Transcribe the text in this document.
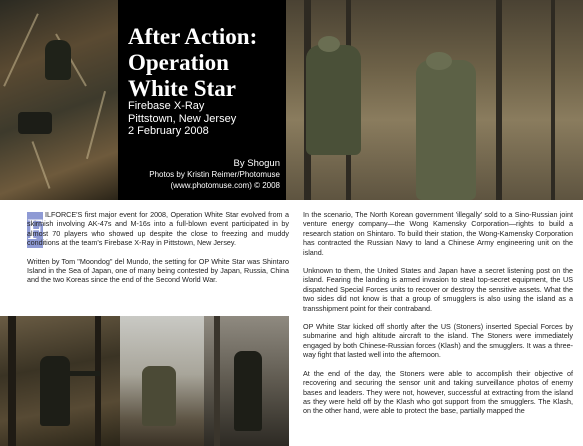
After Action: Operation White Star
Firebase X-Ray
Pittstown, New Jersey
2 February 2008
By Shogun
Photos by Kristin Reimer/Photomuse
(www.photomuse.com) © 2008
F ILFORCE'S first major event for 2008, Operation White Star evolved from a skirmish involving AK-47s and M-16s into a full-blown event participated in by almost 70 players who showed up despite the close to freezing and muddy conditions at the team's Firebase X-Ray in Pittstown, New Jersey.

Written by Tom "Moondog" del Mundo, the setting for OP White Star was Shintaro Island in the Sea of Japan, one of many being contested by Japan, Russia, China and the two Koreas since the end of the Second World War.

In the scenario, The North Korean government 'illegally' sold to a Sino-Russian joint venture energy company—the Wong Kamensky Corporation—rights to build a research station on Shintaro. To build their station, the Wong-Kamensky Corporation has contracted the Russian Navy to land a Chinese Army engineering unit on the island.

Unknown to them, the United States and Japan have a secret listening post on the island. Fearing the landing is armed invasion to steal top-secret equipment, the US dispatched Special Forces units to recover or destroy the sensitive assets. What the two sides did not know is that a group of smugglers is also using the island as a transshipment point for their contraband.

OP White Star kicked off shortly after the US (Stoners) inserted Special Forces by submarine and high altitude aircraft to the island. The Stoners were immediately engaged by both Chinese-Russian forces (Klash) and the smugglers. It was a three-way fight that lasted well into the afternoon.

At the end of the day, the Stoners were able to accomplish their objective of recovering and securing the sensor unit and taking surveillance photos of enemy bases and leaders. They were not, however, successful at extracting from the island as they were held off by the Klash who got support from the smugglers. The Klash, on the other hand, were able to protect the base, partially mapped the
